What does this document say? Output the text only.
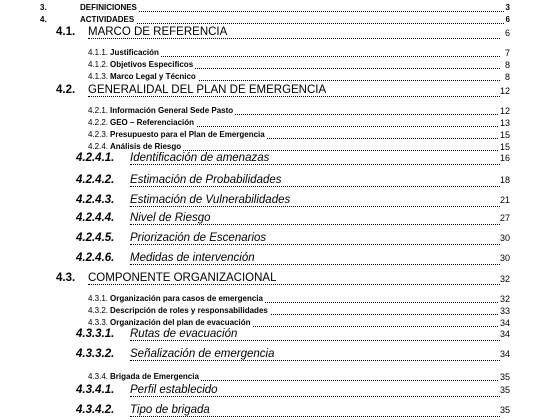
3.	DEFINICIONES	3
4.	ACTIVIDADES	6
4.1. MARCO DE REFERENCIA	6
4.1.1. Justificación	7
4.1.2. Objetivos Especificos	8
4.1.3. Marco Legal y Técnico	8
4.2. GENERALIDAL DEL PLAN DE EMERGENCIA	12
4.2.1. Información General Sede Pasto	12
4.2.2. GEO – Referenciación	13
4.2.3. Presupuesto para el Plan de Emergencia	15
4.2.4. Análisis de Riesgo	15
4.2.4.1. Identificación de amenazas	16
4.2.4.2. Estimación de Probabilidades	18
4.2.4.3. Estimación de Vulnerabilidades	21
4.2.4.4. Nivel de Riesgo	27
4.2.4.5. Priorización de Escenarios	30
4.2.4.6. Medidas de intervención	30
4.3. COMPONENTE ORGANIZACIONAL	32
4.3.1. Organización para casos de emergencia	32
4.3.2. Descripción de roles y responsabilidades	33
4.3.3. Organización del plan de evacuación	34
4.3.3.1. Rutas de evacuación	34
4.3.3.2. Señalización de emergencia	34
4.3.4. Brigada de Emergencia	35
4.3.4.1. Perfil establecido	35
4.3.4.2. Tipo de brigada	35
